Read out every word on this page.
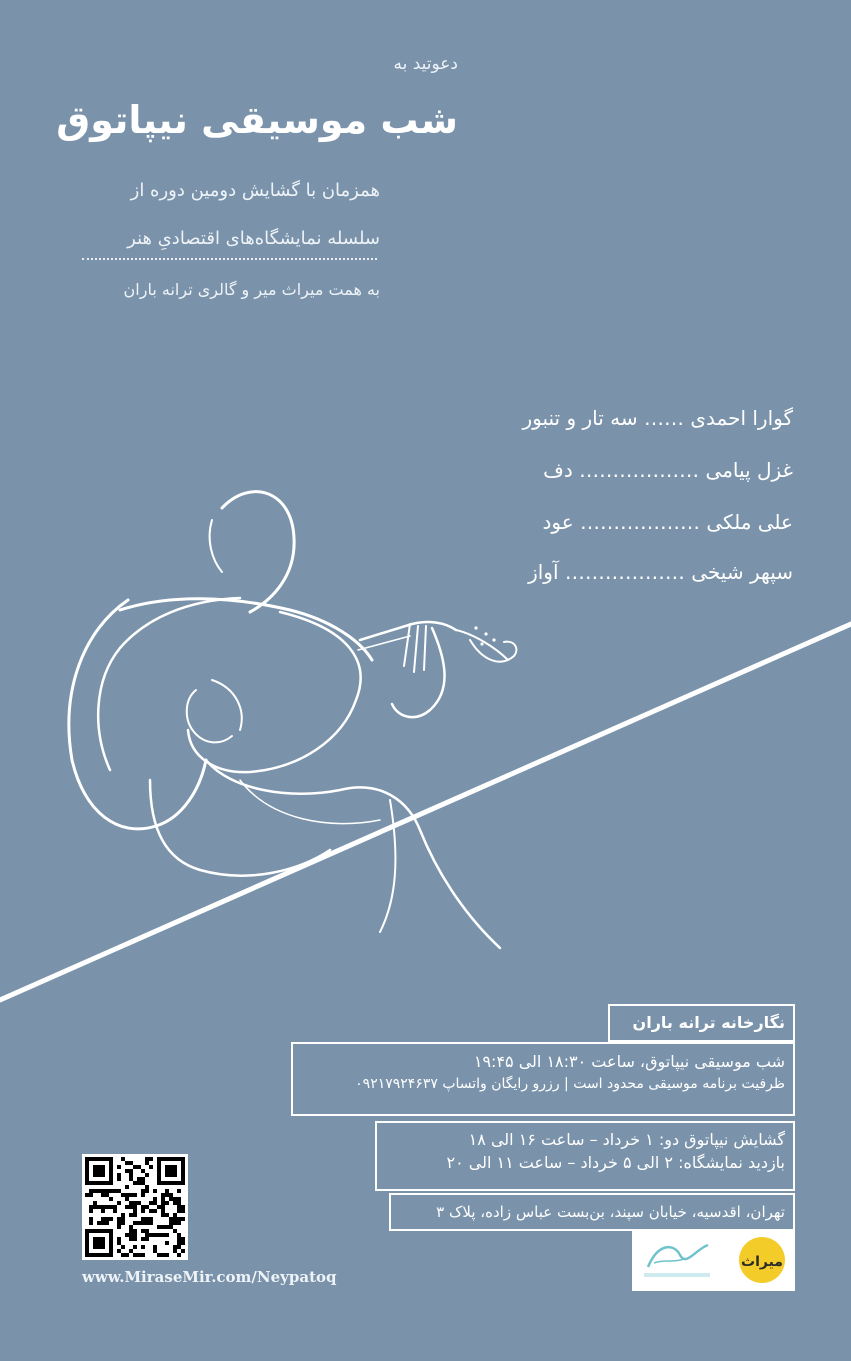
دعوتید به
شب موسیقی نیپاتوق
همزمان با گشایش دومین دوره از
سلسله نمایشگاه‌های اقتصادیِ هنر
به همت میراث میر و گالری ترانه باران
گوارا احمدی …… سه تار و تنبور
غزل پیامی ……………… دف
علی ملکی ……………… عود
سپهر شیخی ……………… آواز
نگارخانه ترانه باران
شب موسیقی نیپاتوق، ساعت ۱۸:۳۰ الی ۱۹:۴۵
ظرفیت برنامه موسیقی محدود است | رزرو رایگان واتساپ ۰۹۲۱۷۹۲۴۶۳۷
گشایش نیپاتوق دو: ۱ خرداد – ساعت ۱۶ الی ۱۸
بازدید نمایشگاه: ۲ الی ۵ خرداد – ساعت ۱۱ الی ۲۰
تهران، اقدسیه، خیابان سپند، بن‌بست عباس زاده، پلاک ۳
میراث
www.MiraseMir.com/Neypatoq
